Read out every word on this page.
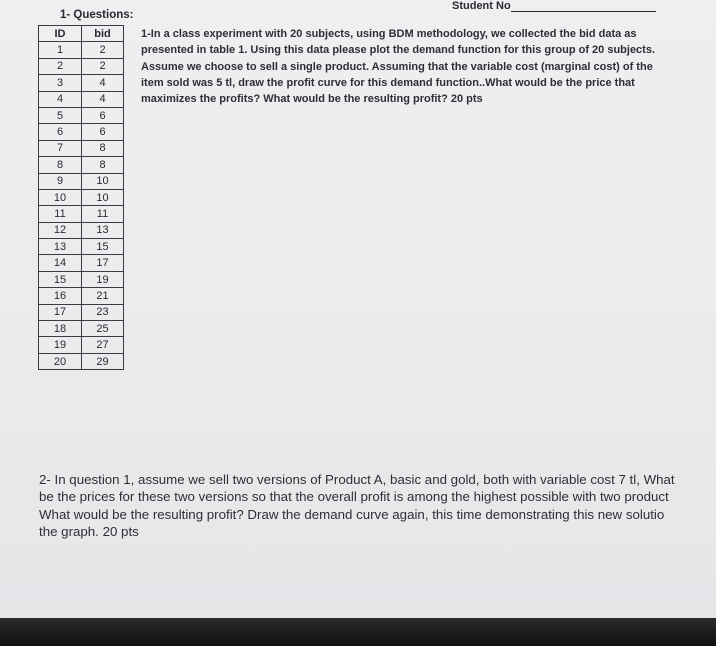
Student No
1- Questions:
ID	bid
1	2
2	2
3	4
4	4
5	6
6	6
7	8
8	8
9	10
10	10
11	11
12	13
13	15
14	17
15	19
16	21
17	23
18	25
19	27
20	29
1-In a class experiment with 20 subjects, using BDM methodology, we collected the bid data as
presented in table 1. Using this data please plot the demand function for this group of 20 subjects.
Assume we choose to sell a single product. Assuming that the variable cost (marginal cost) of the
item sold was 5 tl, draw the profit curve for this demand function..What would be the price that
maximizes the profits? What would be the resulting profit? 20 pts
2- In question 1, assume we sell two versions of Product A, basic and gold, both with variable cost 7 tl, What
be the prices for these two versions so that the overall profit is among the highest possible with two product
What would be the resulting profit? Draw the demand curve again, this time demonstrating this new solutio
the graph. 20 pts
